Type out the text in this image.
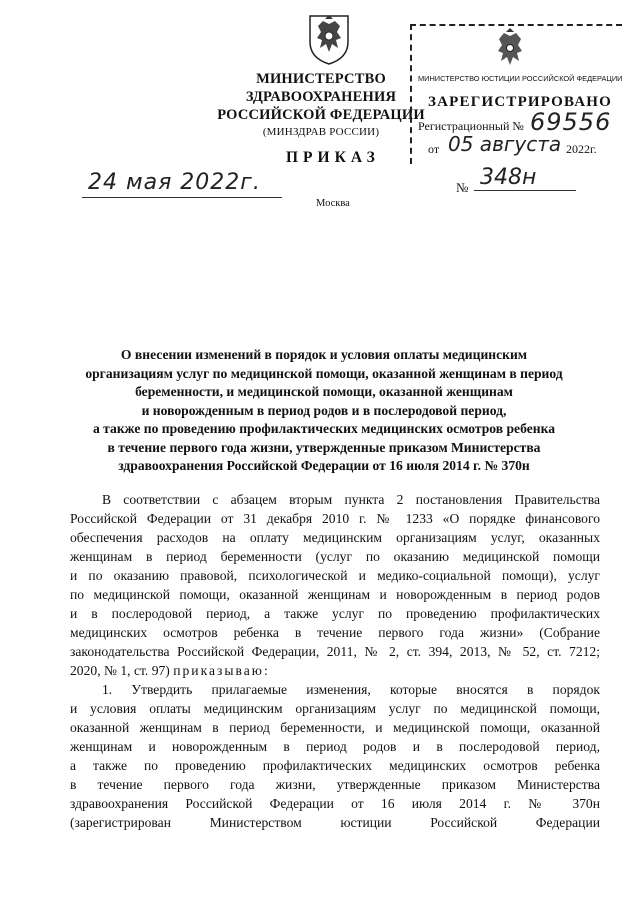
МИНИСТЕРСТВО ЗДРАВООХРАНЕНИЯ
РОССИЙСКОЙ ФЕДЕРАЦИИ
(МИНЗДРАВ РОССИИ)
МИНИСТЕРСТВО ЮСТИЦИИ РОССИЙСКОЙ ФЕДЕРАЦИИ
ЗАРЕГИСТРИРОВАНО
Регистрационный № 69556
от 05 августа 2022г.
ПРИКАЗ
24 мая 2022г.	№ 348н
Москва
О внесении изменений в порядок и условия оплаты медицинским
организациям услуг по медицинской помощи, оказанной женщинам в период
беременности, и медицинской помощи, оказанной женщинам
и новорожденным в период родов и в послеродовой период,
а также по проведению профилактических медицинских осмотров ребенка
в течение первого года жизни, утвержденные приказом Министерства
здравоохранения Российской Федерации от 16 июля 2014 г. № 370н
В соответствии с абзацем вторым пункта 2 постановления Правительства
Российской Федерации от 31 декабря 2010 г. № 1233 «О порядке финансового
обеспечения расходов на оплату медицинским организациям услуг, оказанных
женщинам в период беременности (услуг по оказанию медицинской помощи
и по оказанию правовой, психологической и медико-социальной помощи), услуг
по медицинской помощи, оказанной женщинам и новорожденным в период родов
и в послеродовой период, а также услуг по проведению профилактических
медицинских осмотров ребенка в течение первого года жизни» (Собрание
законодательства Российской Федерации, 2011, № 2, ст. 394, 2013, № 52, ст. 7212;
2020, № 1, ст. 97) приказываю:
1. Утвердить прилагаемые изменения, которые вносятся в порядок
и условия оплаты медицинским организациям услуг по медицинской помощи,
оказанной женщинам в период беременности, и медицинской помощи, оказанной
женщинам и новорожденным в период родов и в послеродовой период,
а также по проведению профилактических медицинских осмотров ребенка
в течение первого года жизни, утвержденные приказом Министерства
здравоохранения Российской Федерации от 16 июля 2014 г. № 370н
(зарегистрирован Министерством юстиции Российской Федерации
